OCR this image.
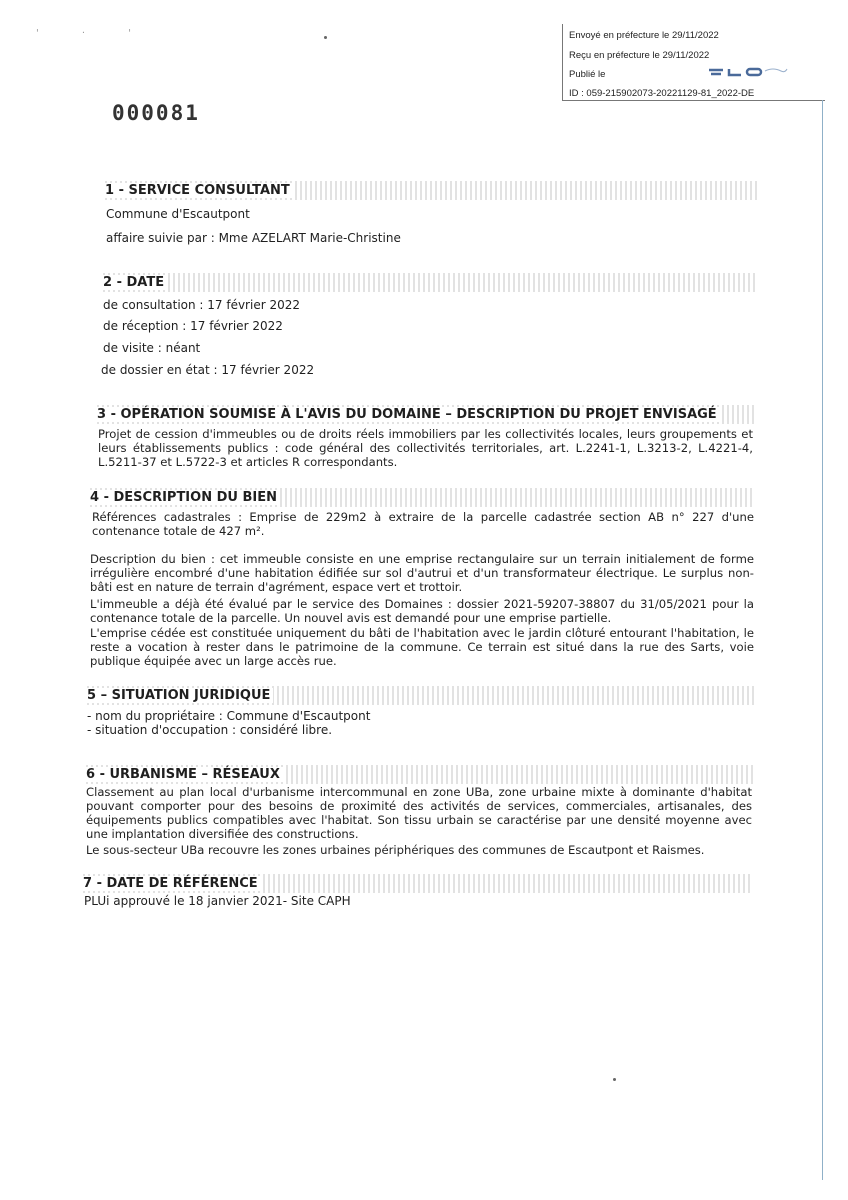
' · '	Envoyé en préfecture le 29/11/2022
Reçu en préfecture le 29/11/2022
Publié le
ID : 059-215902073-20221129-81_2022-DE
000081
1 - SERVICE CONSULTANT
Commune d'Escautpont
affaire suivie par : Mme AZELART Marie-Christine
2 - DATE
de consultation : 17 février 2022
de réception : 17 février 2022
de visite : néant
de dossier en état : 17 février 2022
3 - OPÉRATION SOUMISE À L'AVIS DU DOMAINE – DESCRIPTION DU PROJET ENVISAGÉ
Projet de cession d'immeubles ou de droits réels immobiliers par les collectivités locales, leurs groupements et leurs établissements publics : code général des collectivités territoriales, art. L.2241-1, L.3213-2, L.4221-4, L.5211-37 et L.5722-3 et articles R correspondants.
4 - DESCRIPTION DU BIEN
Références cadastrales : Emprise de 229m2 à extraire de la parcelle cadastrée section AB n° 227 d'une contenance totale de 427 m².
Description du bien : cet immeuble consiste en une emprise rectangulaire sur un terrain initialement de forme irrégulière encombré d'une habitation édifiée sur sol d'autrui et d'un transformateur électrique. Le surplus non-bâti est en nature de terrain d'agrément, espace vert et trottoir.
L'immeuble a déjà été évalué par le service des Domaines : dossier 2021-59207-38807 du 31/05/2021 pour la contenance totale de la parcelle. Un nouvel avis est demandé pour une emprise partielle.
L'emprise cédée est constituée uniquement du bâti de l'habitation avec le jardin clôturé entourant l'habitation, le reste a vocation à rester dans le patrimoine de la commune. Ce terrain est situé dans la rue des Sarts, voie publique équipée avec un large accès rue.
5 – SITUATION JURIDIQUE
- nom du propriétaire : Commune d'Escautpont
- situation d'occupation : considéré libre.
6 - URBANISME – RÉSEAUX
Classement au plan local d'urbanisme intercommunal en zone UBa, zone urbaine mixte à dominante d'habitat pouvant comporter pour des besoins de proximité des activités de services, commerciales, artisanales, des équipements publics compatibles avec l'habitat. Son tissu urbain se caractérise par une densité moyenne avec une implantation diversifiée des constructions.
Le sous-secteur UBa recouvre les zones urbaines périphériques des communes de Escautpont et Raismes.
7 - DATE DE RÉFÉRENCE
PLUi approuvé le 18 janvier 2021- Site CAPH
